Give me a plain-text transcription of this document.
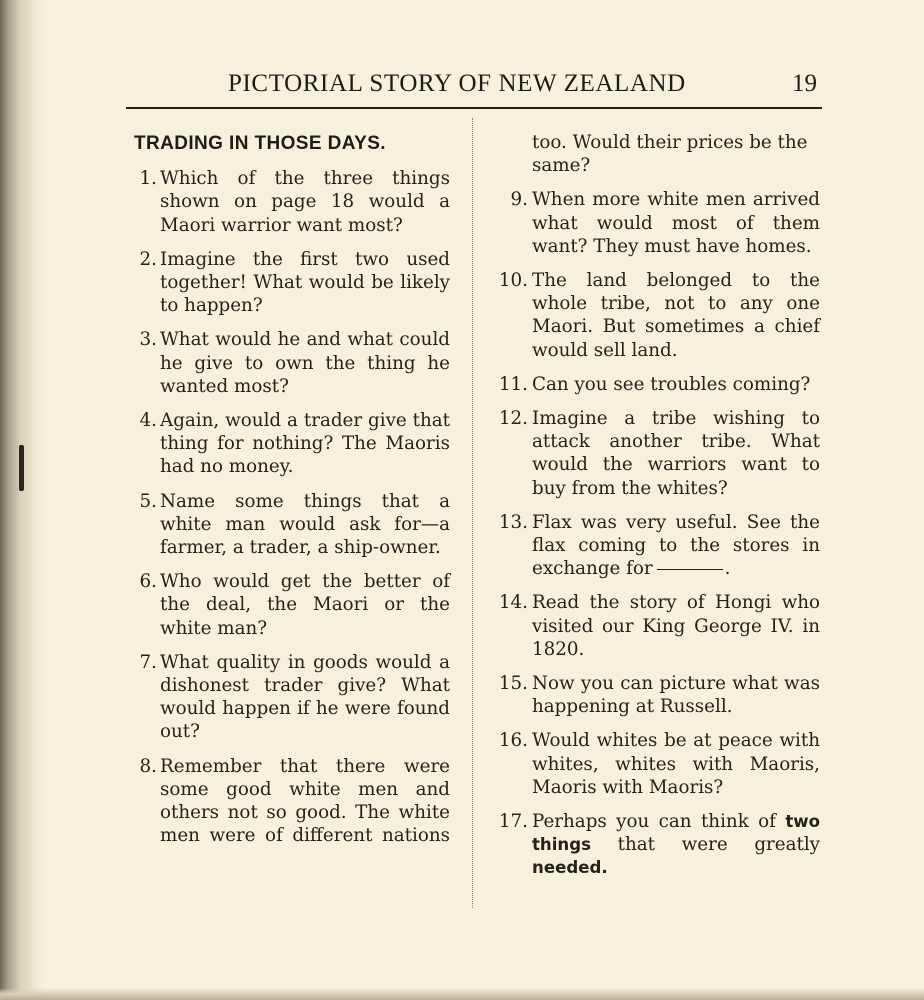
PICTORIAL STORY OF NEW ZEALAND	19
TRADING IN THOSE DAYS.
1. Which of the three things shown on page 18 would a Maori warrior want most?
2. Imagine the first two used together! What would be likely to happen?
3. What would he and what could he give to own the thing he wanted most?
4. Again, would a trader give that thing for nothing? The Maoris had no money.
5. Name some things that a white man would ask for—a farmer, a trader, a ship-owner.
6. Who would get the better of the deal, the Maori or the white man?
7. What quality in goods would a dishonest trader give? What would happen if he were found out?
8. Remember that there were some good white men and others not so good. The white men were of different nations
too. Would their prices be the same?
9. When more white men arrived what would most of them want? They must have homes.
10. The land belonged to the whole tribe, not to any one Maori. But sometimes a chief would sell land.
11. Can you see troubles coming?
12. Imagine a tribe wishing to attack another tribe. What would the warriors want to buy from the whites?
13. Flax was very useful. See the flax coming to the stores in exchange for	.
14. Read the story of Hongi who visited our King George IV. in 1820.
15. Now you can picture what was happening at Russell.
16. Would whites be at peace with whites, whites with Maoris, Maoris with Maoris?
17. Perhaps you can think of two things that were greatly needed.
